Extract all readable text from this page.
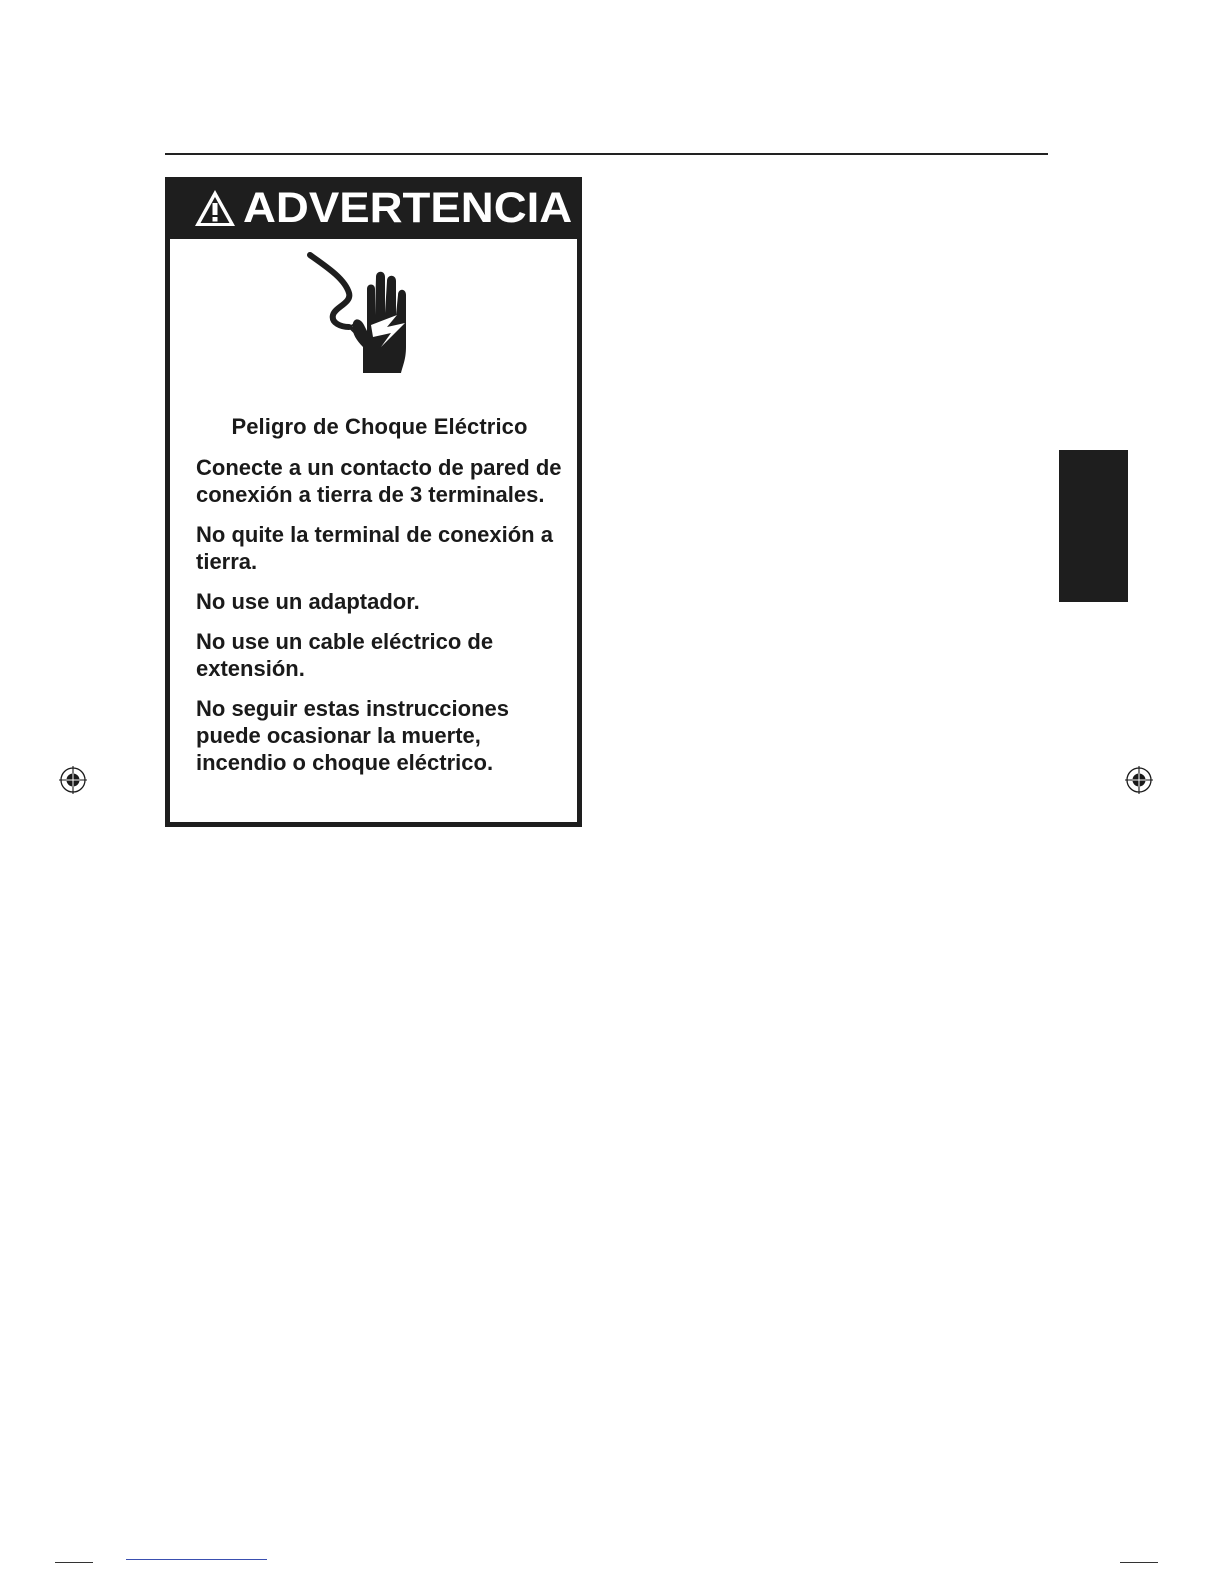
ADVERTENCIA

Peligro de Choque Eléctrico

Conecte a un contacto de pared de conexión a tierra de 3 terminales.

No quite la terminal de conexión a tierra.

No use un adaptador.

No use un cable eléctrico de extensión.

No seguir estas instrucciones puede ocasionar la muerte, incendio o choque eléctrico.
